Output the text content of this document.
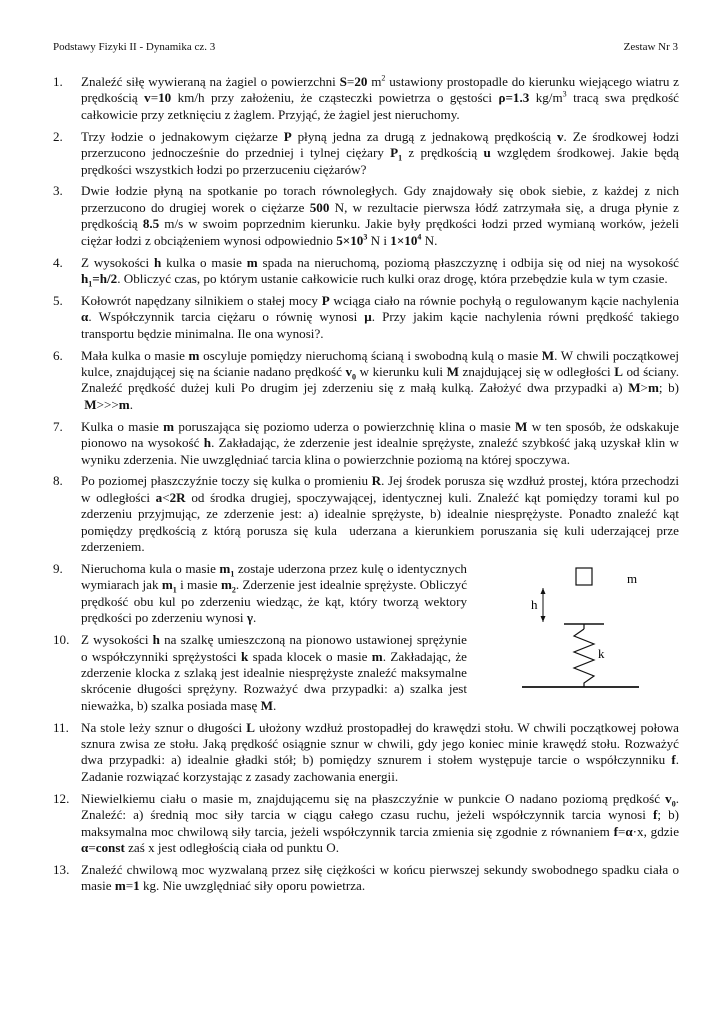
Podstawy Fizyki II - Dynamika cz. 3	Zestaw Nr 3
1. Znaleźć siłę wywieraną na żagiel o powierzchni S=20 $m^2$ ustawiony prostopadle do kierunku wiejącego wiatru z prędkością v=10 km/h przy założeniu, że cząsteczki powietrza o gęstości ρ=1.3 $kg/m^3$ tracą swa prędkość całkowicie przy zetknięciu z żaglem. Przyjąć, że żagiel jest nieruchomy.
2. Trzy łodzie o jednakowym ciężarze P płyną jedna za drugą z jednakową prędkością v. Ze środkowej łodzi przerzucono jednocześnie do przedniej i tylnej ciężary $P_1$ z prędkością u względem środkowej. Jakie będą prędkości wszystkich łodzi po przerzuceniu ciężarów?
3. Dwie łodzie płyną na spotkanie po torach równoległych. Gdy znajdowały się obok siebie, z każdej z nich przerzucono do drugiej worek o ciężarze 500 N, w rezultacie pierwsza łódź zatrzymała się, a druga płynie z prędkością 8.5 m/s w swoim poprzednim kierunku. Jakie były prędkości łodzi przed wymianą worków, jeżeli ciężar łodzi z obciążeniem wynosi odpowiednio $5\times 10^3$ N i $1\times 10^4$ N.
4. Z wysokości h kulka o masie m spada na nieruchomą, poziomą płaszczyznę i odbija się od niej na wysokość $h_1=h/2$. Obliczyć czas, po którym ustanie całkowicie ruch kulki oraz drogę, która przebędzie kula w tym czasie.
5. Kołowrót napędzany silnikiem o stałej mocy P wciąga ciało na równie pochyłą o regulowanym kącie nachylenia α. Współczynnik tarcia ciężaru o równię wynosi μ. Przy jakim kącie nachylenia równi prędkość takiego transportu będzie minimalna. Ile ona wynosi?.
6. Mała kulka o masie m oscyluje pomiędzy nieruchomą ścianą i swobodną kulą o masie M. W chwili początkowej kulce, znajdującej się na ścianie nadano prędkość $v_0$ w kierunku kuli M znajdującej się w odległości L od ściany. Znaleźć prędkość dużej kuli Po drugim jej zderzeniu się z małą kulką. Założyć dwa przypadki a) M>m; b)  M>>>m.
7. Kulka o masie m poruszająca się poziomo uderza o powierzchnię klina o masie M w ten sposób, że odskakuje pionowo na wysokość h. Zakładając, że zderzenie jest idealnie sprężyste, znaleźć szybkość jaką uzyskał klin w wyniku zderzenia. Nie uwzględniać tarcia klina o powierzchnie poziomą na której spoczywa.
8. Po poziomej płaszczyźnie toczy się kulka o promieniu R. Jej środek porusza się wzdłuż prostej, która przechodzi w odległości a<2R od środka drugiej, spoczywającej, identycznej kuli. Znaleźć kąt pomiędzy torami kul po zderzeniu przyjmując, ze zderzenie jest: a) idealnie sprężyste, b) idealnie niesprężyste. Ponadto znaleźć kąt pomiędzy prędkością z którą porusza się kula  uderzana a kierunkiem poruszania się kuli uderzającej prze zderzeniem.
9. Nieruchoma kula o masie $m_1$ zostaje uderzona przez kulę o identycznych wymiarach jak $m_1$ i masie $m_2$. Zderzenie jest idealnie sprężyste. Obliczyć prędkość obu kul po zderzeniu wiedząc, że kąt, który tworzą wektory prędkości po zderzeniu wynosi γ.
10. Z wysokości h na szalkę umieszczoną na pionowo ustawionej sprężynie o współczynniki sprężystości k spada klocek o masie m. Zakładając, że zderzenie klocka z szlaką jest idealnie niesprężyste znaleźć maksymalne skrócenie długości sprężyny. Rozważyć dwa przypadki: a) szalka jest nieważka, b) szalka posiada masę M.
11. Na stole leży sznur o długości L ułożony wzdłuż prostopadłej do krawędzi stołu. W chwili początkowej połowa sznura zwisa ze stołu. Jaką prędkość osiągnie sznur w chwili, gdy jego koniec minie krawędź stołu. Rozważyć dwa przypadki: a) idealnie gładki stół; b) pomiędzy sznurem i stołem występuje tarcie o współczynniku f. Zadanie rozwiązać korzystając z zasady zachowania energii.
12. Niewielkiemu ciału o masie m, znajdującemu się na płaszczyźnie w punkcie O nadano poziomą prędkość $v_0$. Znaleźć: a) średnią moc siły tarcia w ciągu całego czasu ruchu, jeżeli współczynnik tarcia wynosi f; b) maksymalna moc chwilową siły tarcia, jeżeli współczynnik tarcia zmienia się zgodnie z równaniem f=α·x, gdzie α=const zaś x jest odległością ciała od punktu O.
13. Znaleźć chwilową moc wyzwalaną przez siłę ciężkości w końcu pierwszej sekundy swobodnego spadku ciała o masie m=1 kg. Nie uwzględniać siły oporu powietrza.
m
h
k
